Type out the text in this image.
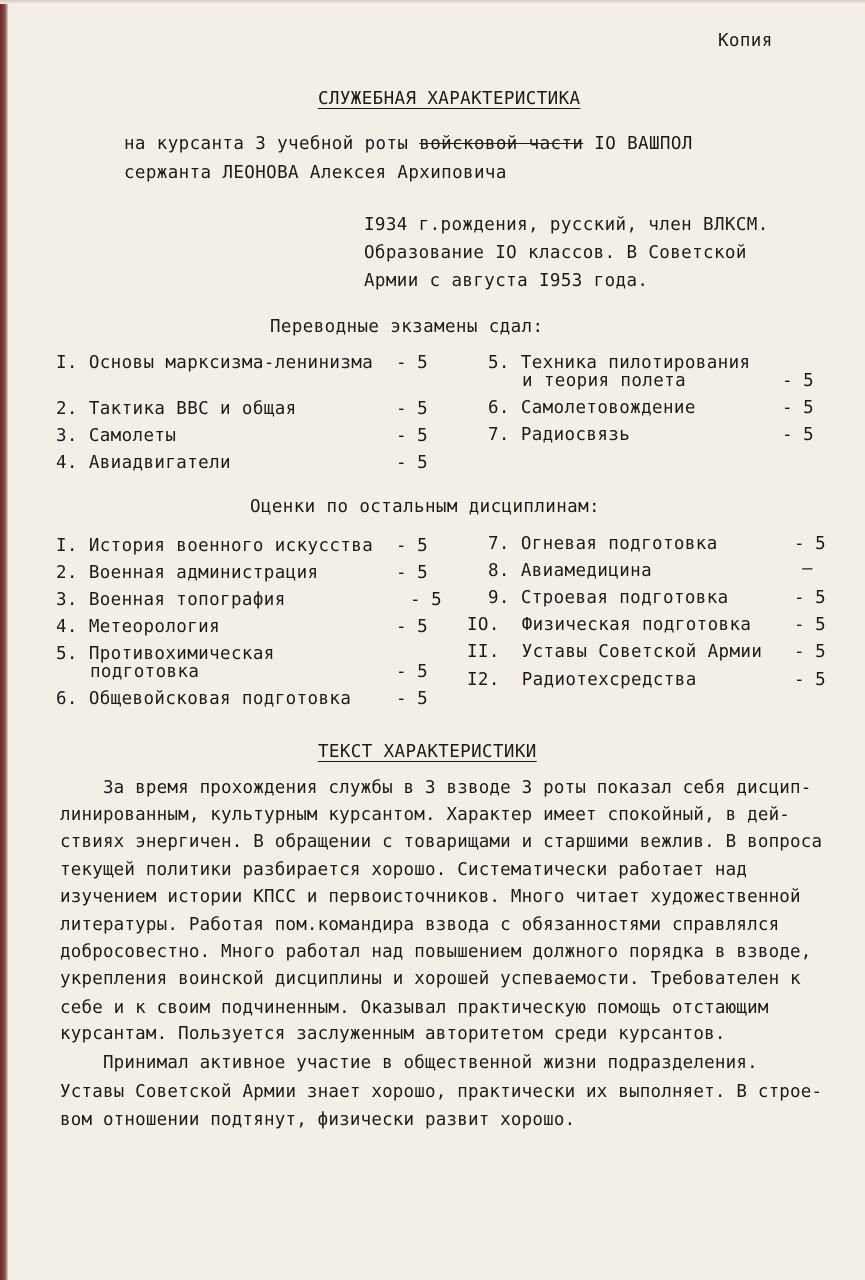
Копия
СЛУЖЕБНАЯ ХАРАКТЕРИСТИКА
на курсанта 3 учебной роты войсковой части IO ВАШПОЛ
сержанта ЛЕОНОВА Алексея Архиповича
I934 г.рождения, русский, член ВЛКСМ.
Образование IO классов. В Советской
Армии с августа I953 года.
Переводные экзамены сдал:
I. Основы марксизма-ленинизма - 5
2. Тактика ВВС и общая	- 5
3. Самолеты	- 5
4. Авиадвигатели	- 5
5. Техника пилотирования
и теория полета	- 5
6. Самолетовождение	- 5
7. Радиосвязь	- 5
Оценки по остальным дисциплинам:
I. История военного искусства - 5
2. Военная администрация	- 5
3. Военная топография	- 5
4. Метеорология	- 5
5. Противохимическая
подготовка	- 5
6. Общевойсковая подготовка	- 5
7. Огневая подготовка	- 5
8. Авиамедицина	—
9. Строевая подготовка	- 5
IO. Физическая подготовка - 5
II. Уставы Советской Армии - 5
I2. Радиотехсредства	- 5
ТЕКСТ ХАРАКТЕРИСТИКИ
За время прохождения службы в 3 взводе 3 роты показал себя дисцип-
линированным, культурным курсантом. Характер имеет спокойный, в дей-
ствиях энергичен. В обращении с товарищами и старшими вежлив. В вопроса
текущей политики разбирается хорошо. Систематически работает над
изучением истории КПСС и первоисточников. Много читает художественной
литературы. Работая пом.командира взвода с обязанностями справлялся
добросовестно. Много работал над повышением должного порядка в взводе,
укрепления воинской дисциплины и хорошей успеваемости. Требователен к
себе и к своим подчиненным. Оказывал практическую помощь отстающим
курсантам. Пользуется заслуженным авторитетом среди курсантов.
Принимал активное участие в общественной жизни подразделения.
Уставы Советской Армии знает хорошо, практически их выполняет. В строе-
вом отношении подтянут, физически развит хорошо.
